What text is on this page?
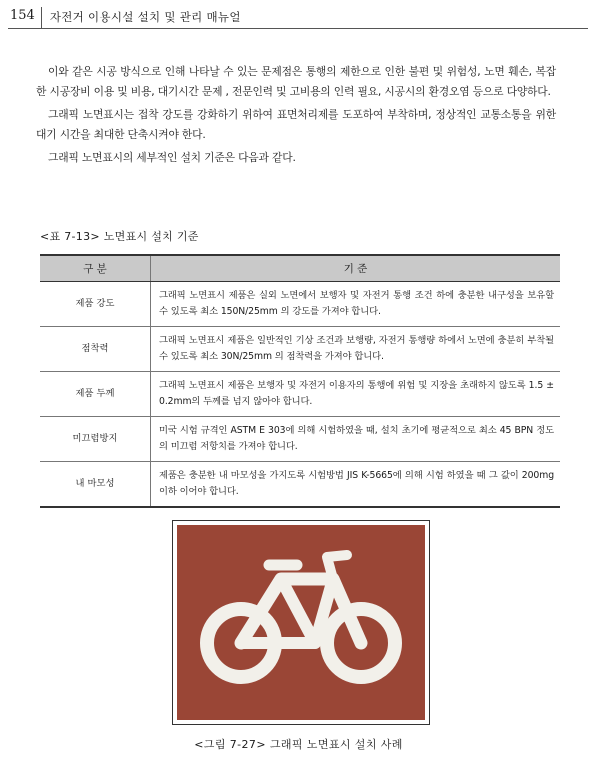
154	자전거 이용시설 설치 및 관리 매뉴얼

이와 같은 시공 방식으로 인해 나타날 수 있는 문제점은 통행의 제한으로 인한 불편 및 위험성, 노면 훼손, 복잡한 시공장비 이용 및 비용, 대기시간 문제 , 전문인력 및 고비용의 인력 필요, 시공시의 환경오염 등으로 다양하다.

그래픽 노면표시는 접착 강도를 강화하기 위하여 표면처리제를 도포하여 부착하며, 정상적인 교통소통을 위한 대기 시간을 최대한 단축시켜야 한다.

그래픽 노면표시의 세부적인 설치 기준은 다음과 같다.

<표 7-13> 노면표시 설치 기준
구 분	기 준
제품 강도	그래픽 노면표시 제품은 실외 노면에서 보행자 및 자전거 통행 조건 하에 충분한 내구성을 보유할 수 있도록 최소 150N/25mm 의 강도를 가져야 합니다.
점착력	그래픽 노면표시 제품은 일반적인 기상 조건과 보행량, 자전거 통행량 하에서 노면에 충분히 부착될 수 있도록 최소 30N/25mm 의 점착력을 가져야 합니다.
제품 두께	그래픽 노면표시 제품은 보행자 및 자전거 이용자의 통행에 위험 및 지장을 초래하지 않도록 1.5 ± 0.2mm의 두께를 넘지 않아야 합니다.
미끄럼방지	미국 시험 규격인 ASTM E 303에 의해 시험하였을 때, 설치 초기에 평균적으로 최소 45 BPN 정도의 미끄럼 저항치를 가져야 합니다.
내 마모성	제품은 충분한 내 마모성을 가지도록 시험방법 JIS K-5665에 의해 시험 하였을 때 그 값이 200mg 이하 이어야 합니다.
<그림 7-27> 그래픽 노면표시 설치 사례
